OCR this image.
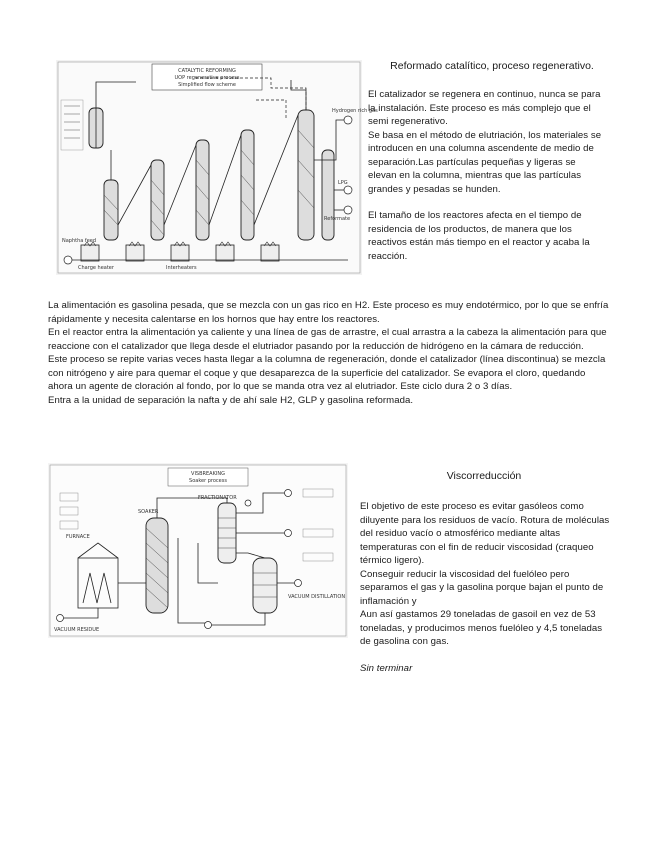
CATALYTIC REFORMING
UOP regenerative process
Simplified flow scheme
Hydrogen rich gas
LPG
Reformate
Naphtha feed
Charge heater	Interheaters
Reformado catalítico, proceso regenerativo.

El catalizador se regenera en continuo, nunca se para la instalación. Este proceso es más complejo que el semi regenerativo.

Se basa en el método de elutriación, los materiales se introducen en una columna ascendente de medio de separación.Las partículas pequeñas y ligeras se elevan en la columna, mientras que las partículas grandes y pesadas se hunden.

El tamaño de los reactores afecta en el tiempo de residencia de los productos, de manera que los reactivos están más tiempo en el reactor y acaba la reacción.

La alimentación es gasolina pesada, que se mezcla con un gas rico en H2. Este proceso es muy endotérmico, por lo que se enfría rápidamente y necesita calentarse en los hornos que hay entre los reactores.

En el reactor entra la alimentación ya caliente y una línea de gas de arrastre, el cual arrastra a la cabeza la alimentación para que reaccione con el catalizador que llega desde el elutriador pasando por la reducción de hidrógeno en la cámara de reducción.

Este proceso se repite varias veces hasta llegar a la columna de regeneración, donde el catalizador (línea discontinua) se mezcla con nitrógeno y aire para quemar el coque y que desaparezca de la superficie del catalizador. Se evapora el cloro, quedando ahora un agente de cloración al fondo, por lo que se manda otra vez al elutriador. Este ciclo dura 2 o 3 días.

Entra a la unidad de separación la nafta y de ahí sale H2, GLP y gasolina reformada.

VISBREAKING
Soaker process
FURNACE
SOAKER
FRACTIONATOR
VACUUM DISTILLATION
VACUUM RESIDUE
Viscorreducción

El objetivo de este proceso es evitar gasóleos como diluyente para los residuos de vacío. Rotura de moléculas del residuo vacío o atmosférico mediante altas temperaturas con el fin de reducir viscosidad (craqueo térmico ligero).

Conseguir reducir la viscosidad del fuelóleo pero separamos el gas y la gasolina porque bajan el punto de inflamación y

Aun así gastamos 29 toneladas de gasoil en vez de 53 toneladas, y producimos menos fuelóleo y 4,5 toneladas de gasolina con gas.

Sin terminar
